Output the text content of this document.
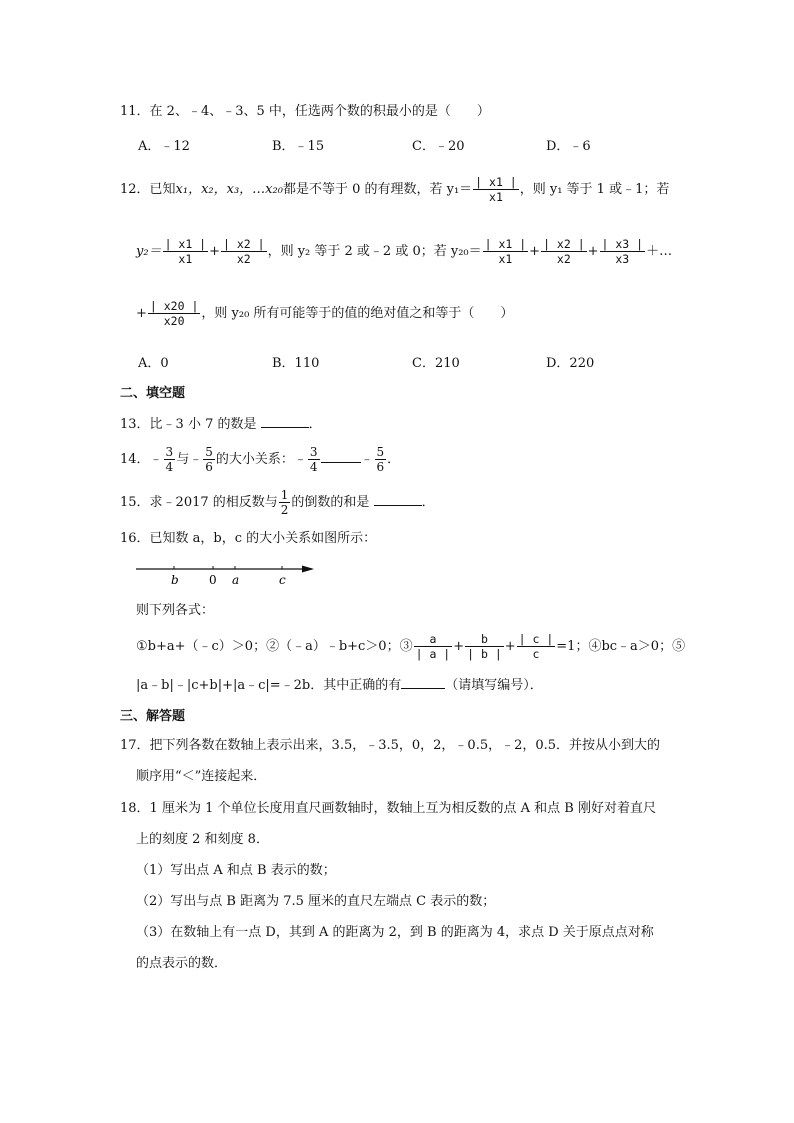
11．在 2、﹣4、﹣3、5 中，任选两个数的积最小的是（　　）
A．﹣12	B．﹣15	C．﹣20	D．﹣6
12．已知x₁，x₂，x₃，…x₂₀都是不等于 0 的有理数，若 $y_1= \frac{| x1 |}{x1}$ ，则 y₁ 等于 1 或﹣1；若
$y_2= \frac{| x1 |}{x1} + \frac{| x2 |}{x2}$ ，则 y₂ 等于 2 或﹣2 或 0；若 $y_{20}= \frac{| x1 |}{x1} + \frac{| x2 |}{x2} + \frac{| x3 |}{x3}$ ＋…
+ $\frac{| x20 |}{x20}$ ，则 y₂₀ 所有可能等于的值的绝对值之和等于（　　）
A．0	B．110	C．210	D．220
二、填空题
13．比﹣3 小 7 的数是	．
14．﹣ $\frac{3}{4}$ 与﹣ $\frac{5}{6}$ 的大小关系：﹣ $\frac{3}{4}$	﹣ $\frac{5}{6}$ ．
15．求﹣2017 的相反数与 $\frac{1}{2}$ 的倒数的和是	．
16．已知数 a，b，c 的大小关系如图所示：
b	0 a	c
则下列各式：
①b+a+（﹣c）＞0；②（﹣a）﹣b+c＞0；③ $\frac{a}{| a |} + \frac{b}{| b |} + \frac{| c |}{c} =1$；④bc﹣a＞0；⑤
|a﹣b|﹣|c+b|+|a﹣c|=﹣2b．其中正确的有	（请填写编号）．
三、解答题
17．把下列各数在数轴上表示出来，3.5，﹣3.5，0，2，﹣0.5，﹣2，0.5．并按从小到大的
顺序用“＜”连接起来．
18．1 厘米为 1 个单位长度用直尺画数轴时，数轴上互为相反数的点 A 和点 B 刚好对着直尺
上的刻度 2 和刻度 8．
（1）写出点 A 和点 B 表示的数；
（2）写出与点 B 距离为 7.5 厘米的直尺左端点 C 表示的数；
（3）在数轴上有一点 D，其到 A 的距离为 2，到 B 的距离为 4，求点 D 关于原点点对称
的点表示的数．
